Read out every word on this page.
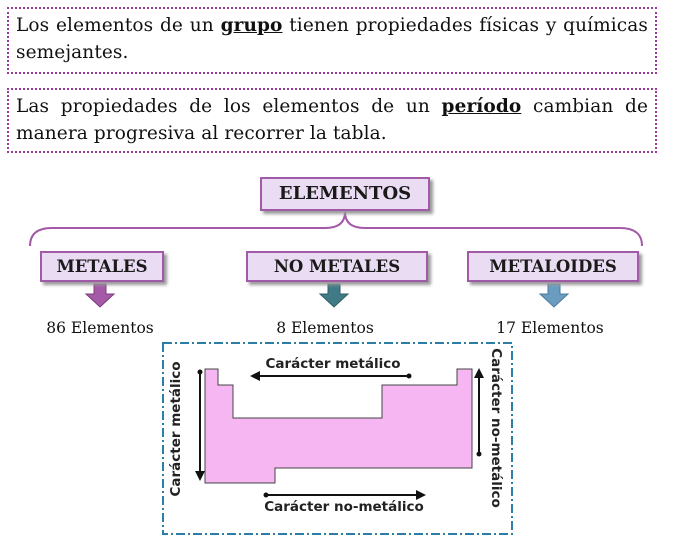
Los elementos de un grupo tienen propiedades físicas y químicas semejantes.
Las propiedades de los elementos de un período cambian de manera progresiva al recorrer la tabla.
ELEMENTOS
METALES	NO METALES	METALOIDES
86 Elementos	8 Elementos	17 Elementos
Carácter metálico
Carácter no-metálico
Carácter metálico	Carácter no-metálico
